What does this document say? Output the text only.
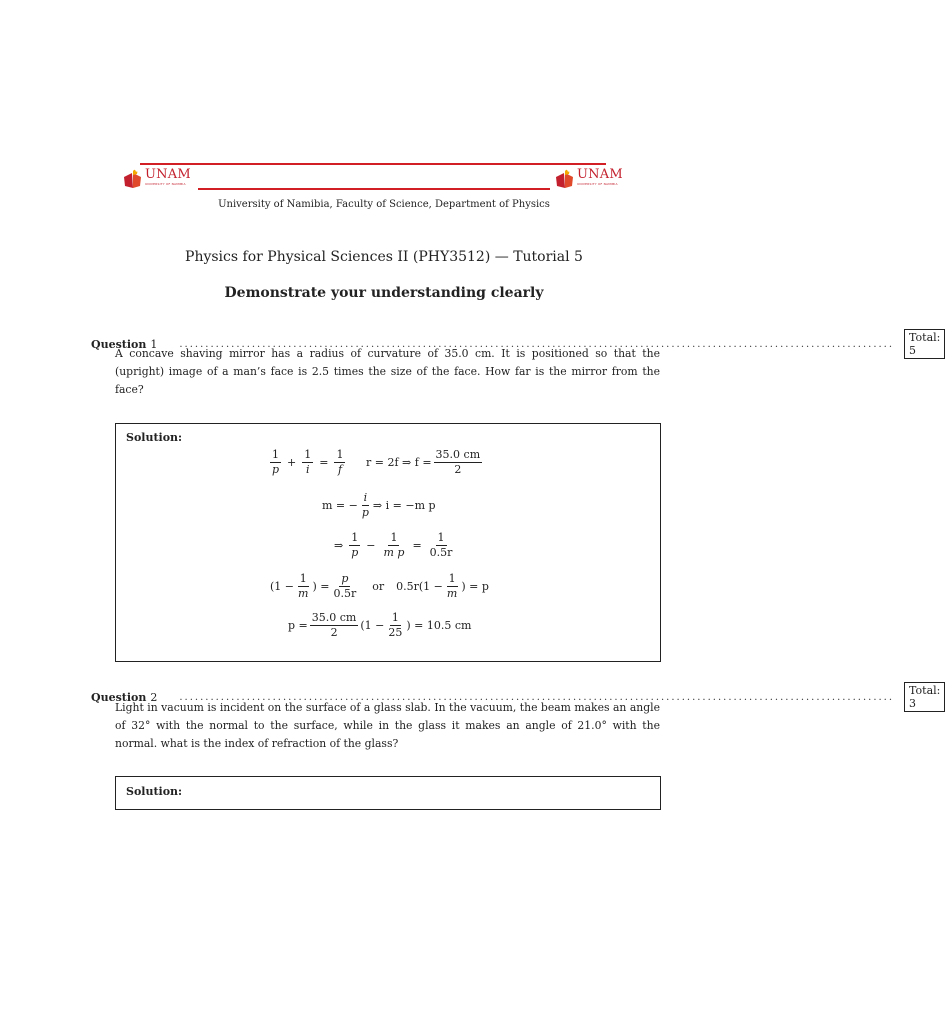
UNAM
UNIVERSITY OF NAMIBIA
UNAM
UNIVERSITY OF NAMIBIA
University of Namibia, Faculty of Science, Department of Physics
Physics for Physical Sciences II (PHY3512) — Tutorial 5
Demonstrate your understanding clearly
Question 1 ..........................................................................................................................................	Total: 5
A concave shaving mirror has a radius of curvature of 35.0 cm. It is positioned so that the (upright) image of a man’s face is 2.5 times the size of the face. How far is the mirror from the face?
Solution:
$\frac{1}{p} + \frac{1}{i} = \frac{1}{f}$ r = 2f ⇒ $f = \frac{35.0 cm}{2}$
m = − $\frac{i}{p}$ ⇒ i = −m p
⇒ $\frac{1}{p} - \frac{1}{\text{m p}} = \frac{1}{0.5r}$
($1 - \frac{1}{m}$ ) = $\frac{p}{0.5r}$ or $0.5r(1 - \frac{1}{m}$ ) = p
$p = \frac{35.0 cm}{2} (1 - \frac{1}{25}$ ) = 10.5 cm
Question 2 ..........................................................................................................................................	Total: 3
Light in vacuum is incident on the surface of a glass slab. In the vacuum, the beam makes an angle of 32° with the normal to the surface, while in the glass it makes an angle of 21.0° with the normal. what is the index of refraction of the glass?
Solution:
